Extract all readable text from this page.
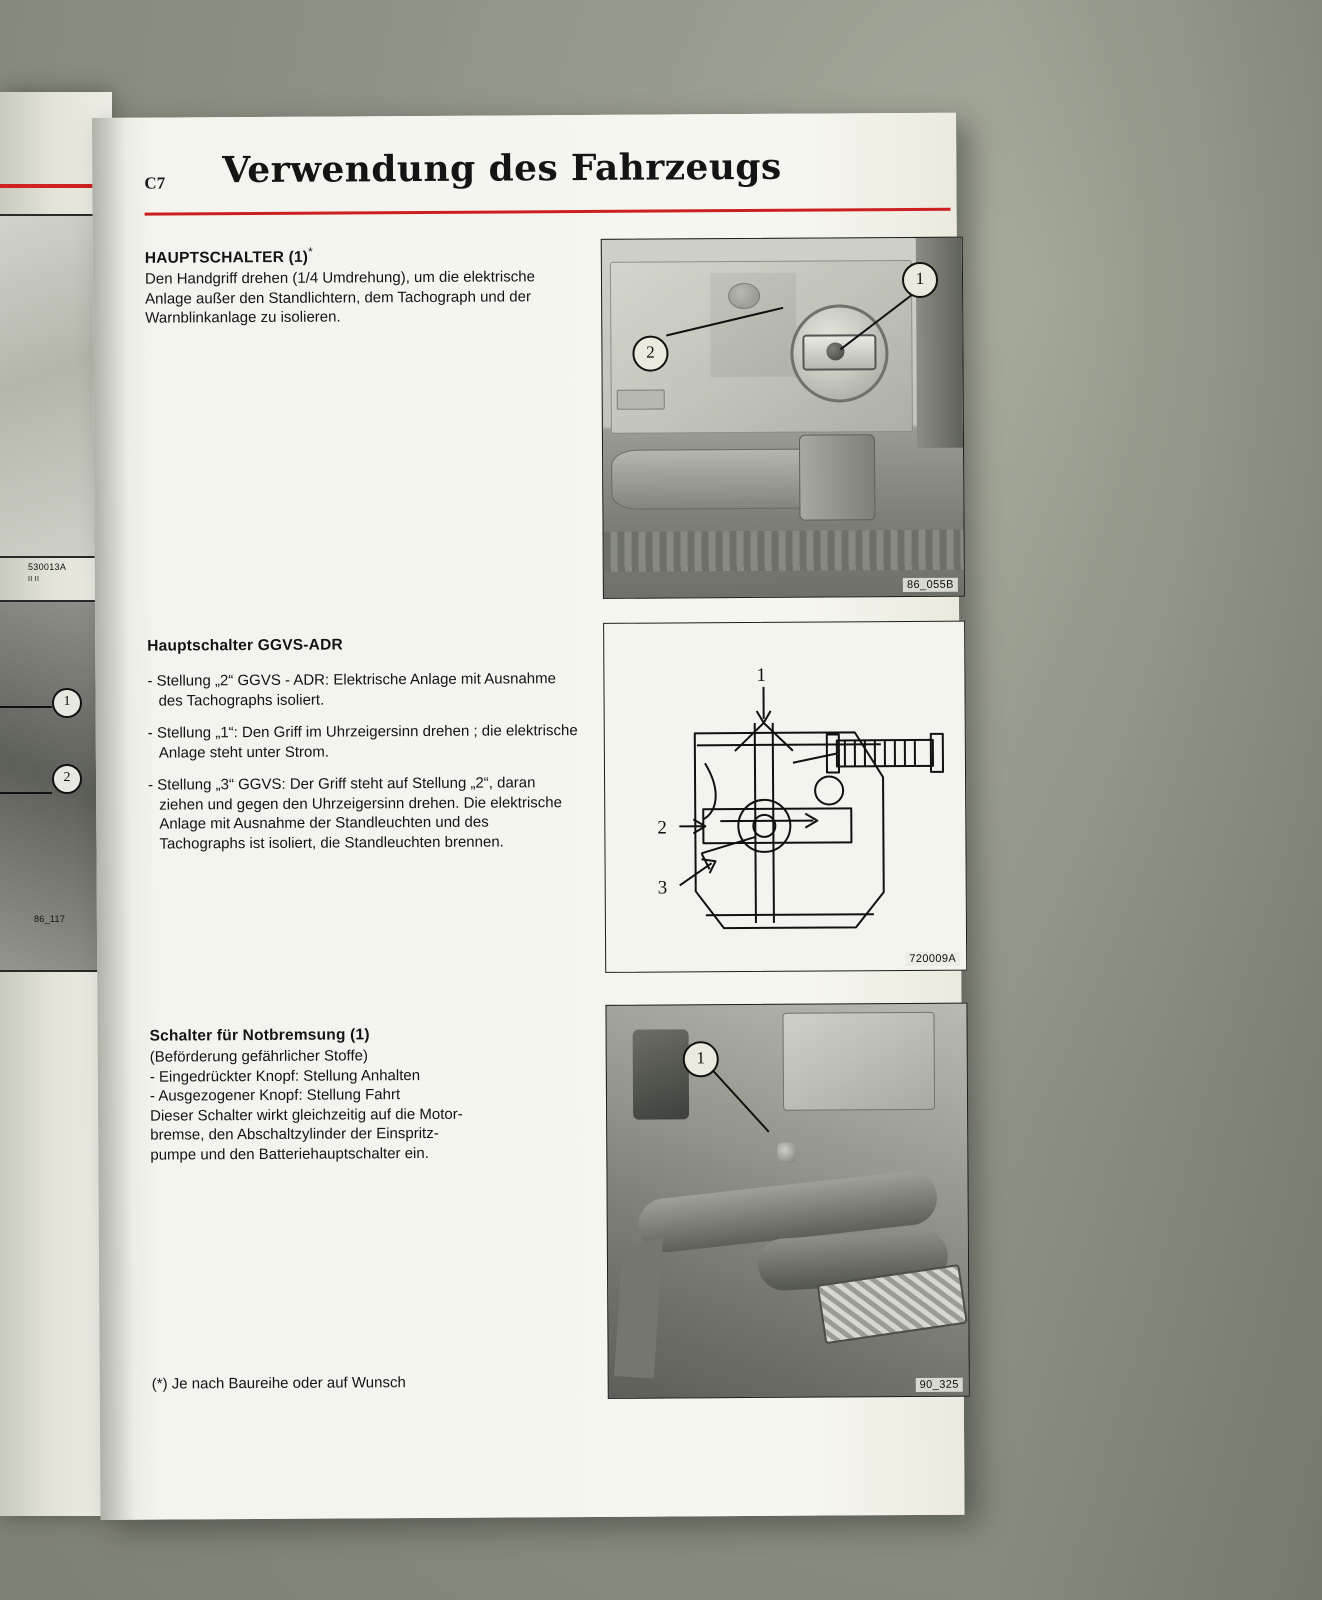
530013A
II II
1
2
86_117
C7 Verwendung des Fahrzeugs
HAUPTSCHALTER (1)*

Den Handgriff drehen (1/4 Umdrehung), um die elektrische Anlage außer den Standlichtern, dem Tachograph und der Warnblinkanlage zu isolieren.

Hauptschalter GGVS-ADR

- Stellung „2“ GGVS - ADR: Elektrische Anlage mit Ausnahme des Tachographs isoliert.

- Stellung „1“: Den Griff im Uhrzeigersinn drehen ; die elektrische Anlage steht unter Strom.

- Stellung „3“ GGVS: Der Griff steht auf Stellung „2“, daran ziehen und gegen den Uhrzeigersinn drehen. Die elektrische Anlage mit Ausnahme der Standleuchten und des Tachographs ist isoliert, die Standleuchten brennen.

Schalter für Notbremsung (1)

(Beförderung gefährlicher Stoffe)

- Eingedrückter Knopf: Stellung Anhalten

- Ausgezogener Knopf: Stellung Fahrt

Dieser Schalter wirkt gleichzeitig auf die Motor-

bremse, den Abschaltzylinder der Einspritz-

pumpe und den Batteriehauptschalter ein.

(*) Je nach Baureihe oder auf Wunsch
2
1
86_055B
1
2
3
720009A
1
90_325
